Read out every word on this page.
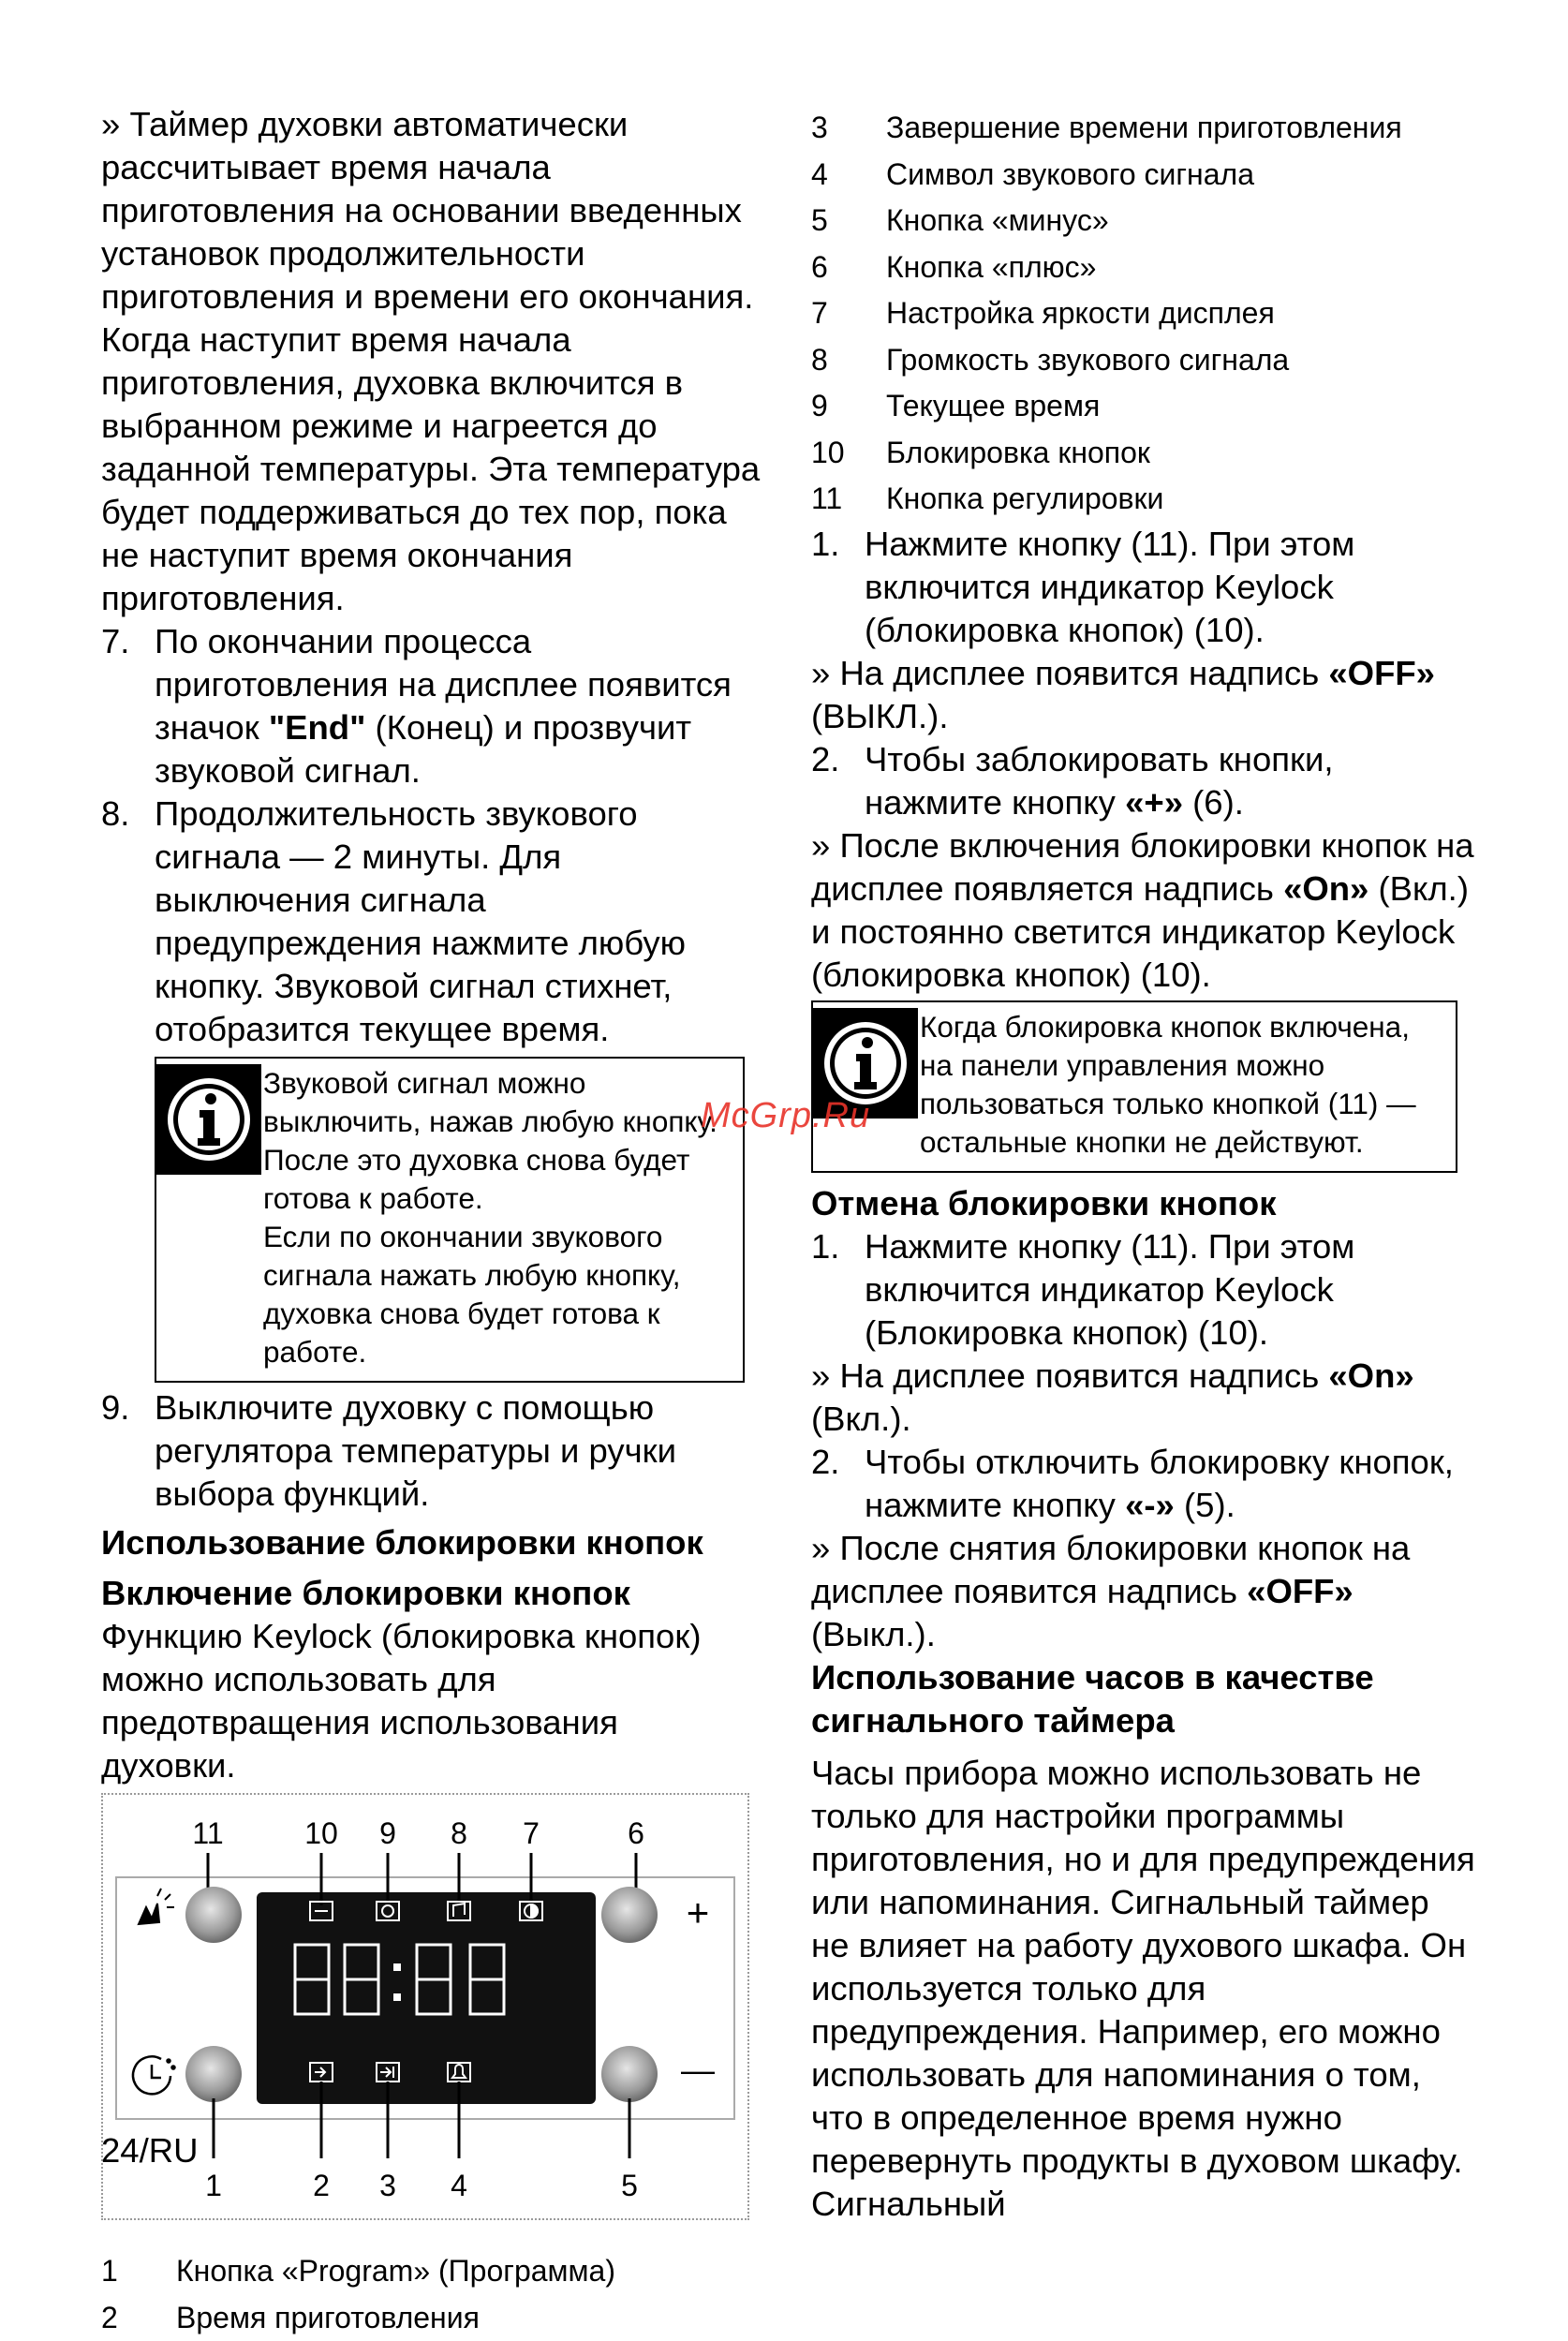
» Таймер духовки автоматически рассчитывает время начала приготовления на основании введенных установок продолжительности приготовления и времени его окончания. Когда наступит время начала приготовления, духовка включится в выбранном режиме и нагреется до заданной температуры. Эта температура будет поддерживаться до тех пор, пока не наступит время окончания приготовления.

7. По окончании процесса приготовления на дисплее появится значок "End" (Конец) и прозвучит звуковой сигнал.
8. Продолжительность звукового сигнала — 2 минуты. Для выключения сигнала предупреждения нажмите любую кнопку. Звуковой сигнал стихнет, отобразится текущее время.
Звуковой сигнал можно выключить, нажав любую кнопку. После это духовка снова будет готова к работе.
Если по окончании звукового сигнала нажать любую кнопку, духовка снова будет готова к работе.
9. Выключите духовку с помощью регулятора температуры и ручки выбора функций.

Использование блокировки кнопок

Включение блокировки кнопок

Функцию Keylock (блокировка кнопок) можно использовать для предотвращения использования духовки.

11	10 9 8 7	6
+
—
1	2 3 4	5
1	Кнопка «Program» (Программа)
2	Время приготовления
3	Завершение времени приготовления
4	Символ звукового сигнала
5	Кнопка «минус»
6	Кнопка «плюс»
7	Настройка яркости дисплея
8	Громкость звукового сигнала
9	Текущее время
10	Блокировка кнопок
11	Кнопка регулировки
1. Нажмите кнопку (11). При этом включится индикатор Keylock (блокировка кнопок) (10).

» На дисплее появится надпись «OFF» (ВЫКЛ.).

2. Чтобы заблокировать кнопки, нажмите кнопку «+» (6).

» После включения блокировки кнопок на дисплее появляется надпись «On» (Вкл.) и постоянно светится индикатор Keylock (блокировка кнопок) (10).

Когда блокировка кнопок включена, на панели управления можно пользоваться только кнопкой (11) — остальные кнопки не действуют.

Отмена блокировки кнопок

1. Нажмите кнопку (11). При этом включится индикатор Keylock (Блокировка кнопок) (10).

» На дисплее появится надпись «On» (Вкл.).

2. Чтобы отключить блокировку кнопок, нажмите кнопку «-» (5).

» После снятия блокировки кнопок на дисплее появится надпись «OFF» (Выкл.).

Использование часов в качестве сигнального таймера

Часы прибора можно использовать не только для настройки программы приготовления, но и для предупреждения или напоминания. Сигнальный таймер не влияет на работу духового шкафа. Он используется только для предупреждения. Например, его можно использовать для напоминания о том, что в определенное время нужно перевернуть продукты в духовом шкафу. Сигнальный

McGrp.Ru
24/RU
